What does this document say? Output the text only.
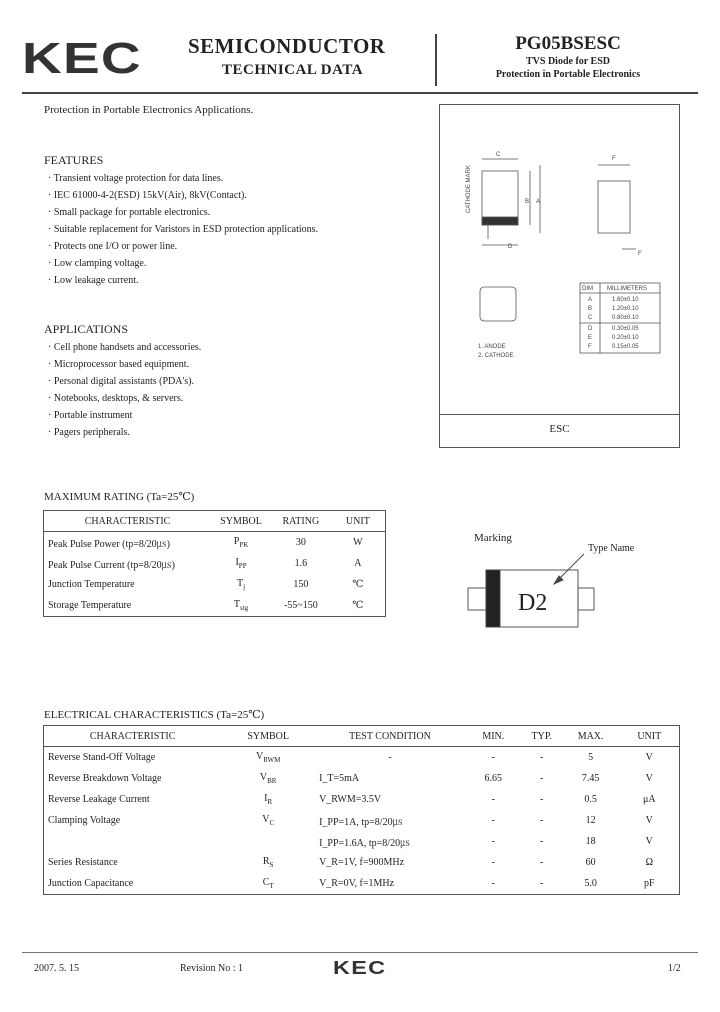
KEC SEMICONDUCTOR
TECHNICAL DATA
PG05BSESC
TVS Diode for ESD
Protection in Portable Electronics
Protection in Portable Electronics Applications.
FEATURES
· Transient voltage protection for data lines.
· IEC 61000-4-2(ESD) 15kV(Air), 8kV(Contact).
· Small package for portable electronics.
· Suitable replacement for Varistors in ESD protection applications.
· Protects one I/O or power line.
· Low clamping voltage.
· Low leakage current.
APPLICATIONS
· Cell phone handsets and accessories.
· Microprocessor based equipment.
· Personal digital assistants (PDA's).
· Notebooks, desktops, & servers.
· Portable instrument
· Pagers peripherals.	ESC
CATHODE MARK
C
B A
D
F
F
DIM MILLIMETERS
A	1.60±0.10
B	1.20±0.10
C	0.80±0.10
D	0.30±0.05
E	0.20±0.10
F	0.15±0.05
1. ANODE
2. CATHODE
MAXIMUM RATING (Ta=25℃)
CHARACTERISTIC	SYMBOL	RATING	UNIT
Peak Pulse Power (tp=8/20㎲)	$P_{PK}$	30	W
Peak Pulse Current (tp=8/20㎲)	$I_{PP}$	1.6	A
Junction Temperature	$T_j$	150	℃
Storage Temperature	$T_{stg}$	-55~150	℃
Marking
Type Name
D2
ELECTRICAL CHARACTERISTICS (Ta=25℃)
CHARACTERISTIC	SYMBOL	TEST CONDITION	MIN.	TYP.	MAX.	UNIT
Reverse Stand-Off Voltage	$V_{RWM}$	-	-	-	5	V
Reverse Breakdown Voltage	$V_{BR}$	I_T=5mA	6.65	-	7.45	V
Reverse Leakage Current	$I_R$	V_RWM=3.5V	-	-	0.5	μA
Clamping Voltage	$V_C$	I_PP=1A, tp=8/20㎲	-	-	12	V
		I_PP=1.6A, tp=8/20㎲	-	-	18	V
Series Resistance	$R_S$	V_R=1V, f=900MHz	-	-	60	Ω
Junction Capacitance	$C_T$	V_R=0V, f=1MHz	-	-	5.0	pF
2007. 5. 15	Revision No : 1	KEC	1/2
